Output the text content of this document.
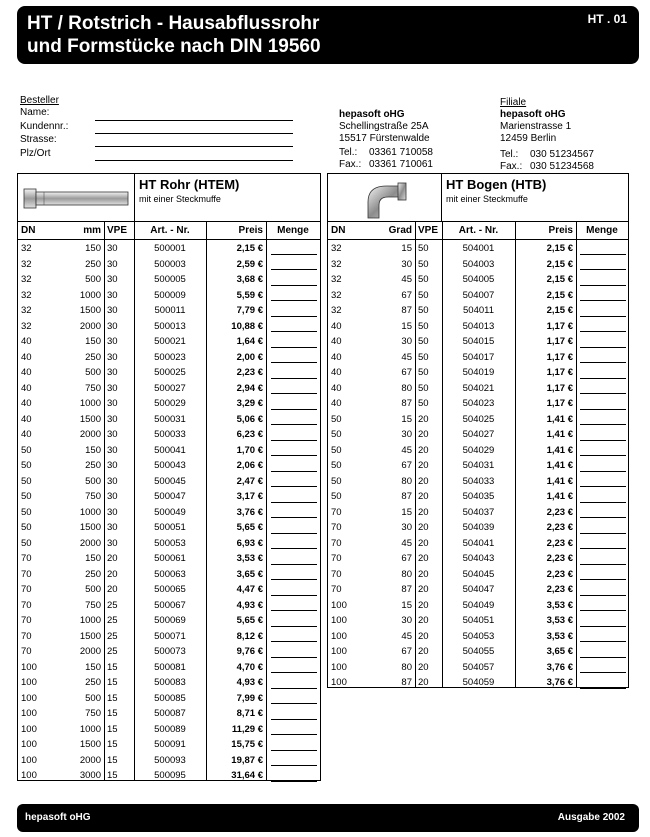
HT / Rotstrich - Hausabflussrohr
und Formstücke nach DIN 19560
HT . 01
Besteller
Name:
Kundennr.:
Strasse:
Plz/Ort
hepasoft oHG
Schellingstraße 25A
15517 Fürstenwalde
Tel.: 03361 710058
Fax.: 03361 710061
Filiale
hepasoft oHG
Marienstrasse 1
12459 Berlin
Tel.: 030 51234567
Fax.: 030 51234568
HT Rohr (HTEM)
mit einer Steckmuffe
DN	mm VPE	Art. - Nr.	Preis	Menge
32	150 30	500001	2,15 €
32	250 30	500003	2,59 €
32	500 30	500005	3,68 €
32	1000 30	500009	5,59 €
32	1500 30	500011	7,79 €
32	2000 30	500013	10,88 €
40	150 30	500021	1,64 €
40	250 30	500023	2,00 €
40	500 30	500025	2,23 €
40	750 30	500027	2,94 €
40	1000 30	500029	3,29 €
40	1500 30	500031	5,06 €
40	2000 30	500033	6,23 €
50	150 30	500041	1,70 €
50	250 30	500043	2,06 €
50	500 30	500045	2,47 €
50	750 30	500047	3,17 €
50	1000 30	500049	3,76 €
50	1500 30	500051	5,65 €
50	2000 30	500053	6,93 €
70	150 20	500061	3,53 €
70	250 20	500063	3,65 €
70	500 20	500065	4,47 €
70	750 25	500067	4,93 €
70	1000 25	500069	5,65 €
70	1500 25	500071	8,12 €
70	2000 25	500073	9,76 €
100	150 15	500081	4,70 €
100	250 15	500083	4,93 €
100	500 15	500085	7,99 €
100	750 15	500087	8,71 €
100	1000 15	500089	11,29 €
100	1500 15	500091	15,75 €
100	2000 15	500093	19,87 €
100	3000 15	500095	31,64 €
HT Bogen (HTB)
mit einer Steckmuffe
DN	Grad VPE	Art. - Nr.	Preis	Menge
32	15 50	504001	2,15 €
32	30 50	504003	2,15 €
32	45 50	504005	2,15 €
32	67 50	504007	2,15 €
32	87 50	504011	2,15 €
40	15 50	504013	1,17 €
40	30 50	504015	1,17 €
40	45 50	504017	1,17 €
40	67 50	504019	1,17 €
40	80 50	504021	1,17 €
40	87 50	504023	1,17 €
50	15 20	504025	1,41 €
50	30 20	504027	1,41 €
50	45 20	504029	1,41 €
50	67 20	504031	1,41 €
50	80 20	504033	1,41 €
50	87 20	504035	1,41 €
70	15 20	504037	2,23 €
70	30 20	504039	2,23 €
70	45 20	504041	2,23 €
70	67 20	504043	2,23 €
70	80 20	504045	2,23 €
70	87 20	504047	2,23 €
100	15 20	504049	3,53 €
100	30 20	504051	3,53 €
100	45 20	504053	3,53 €
100	67 20	504055	3,65 €
100	80 20	504057	3,76 €
100	87 20	504059	3,76 €
hepasoft oHG	Ausgabe 2002
